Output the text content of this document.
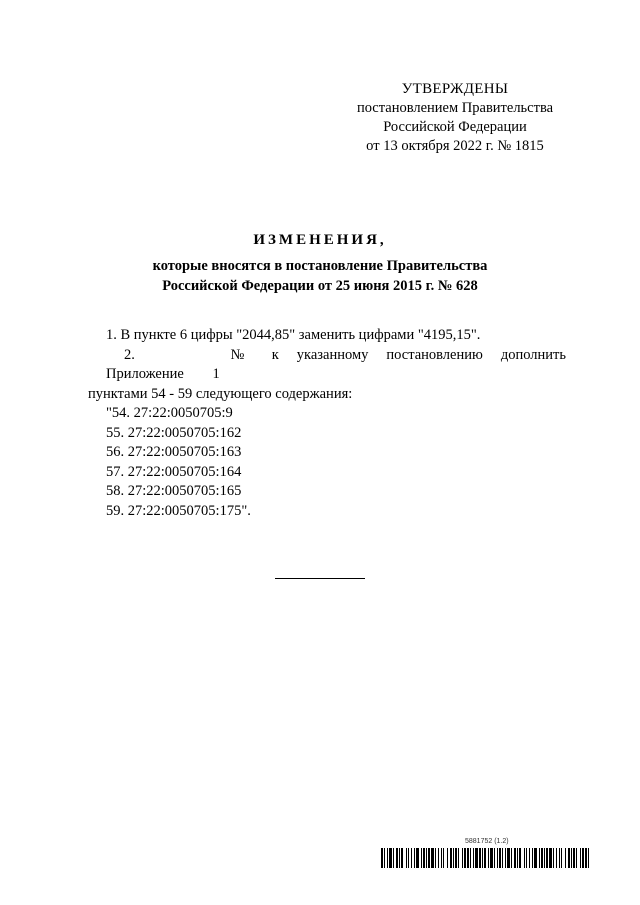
УТВЕРЖДЕНЫ
постановлением Правительства
Российской Федерации
от 13 октября 2022 г. № 1815
ИЗМЕНЕНИЯ,
которые вносятся в постановление Правительства
Российской Федерации от 25 июня 2015 г. № 628
1. В пункте 6 цифры "2044,85" заменить цифрами "4195,15".
2. Приложение
№ 1
к	указанному	постановлению	дополнить
пунктами 54 - 59 следующего содержания:
"54. 27:22:0050705:9
55. 27:22:0050705:162
56. 27:22:0050705:163
57. 27:22:0050705:164
58. 27:22:0050705:165
59. 27:22:0050705:175".
5881752 (1.2)
